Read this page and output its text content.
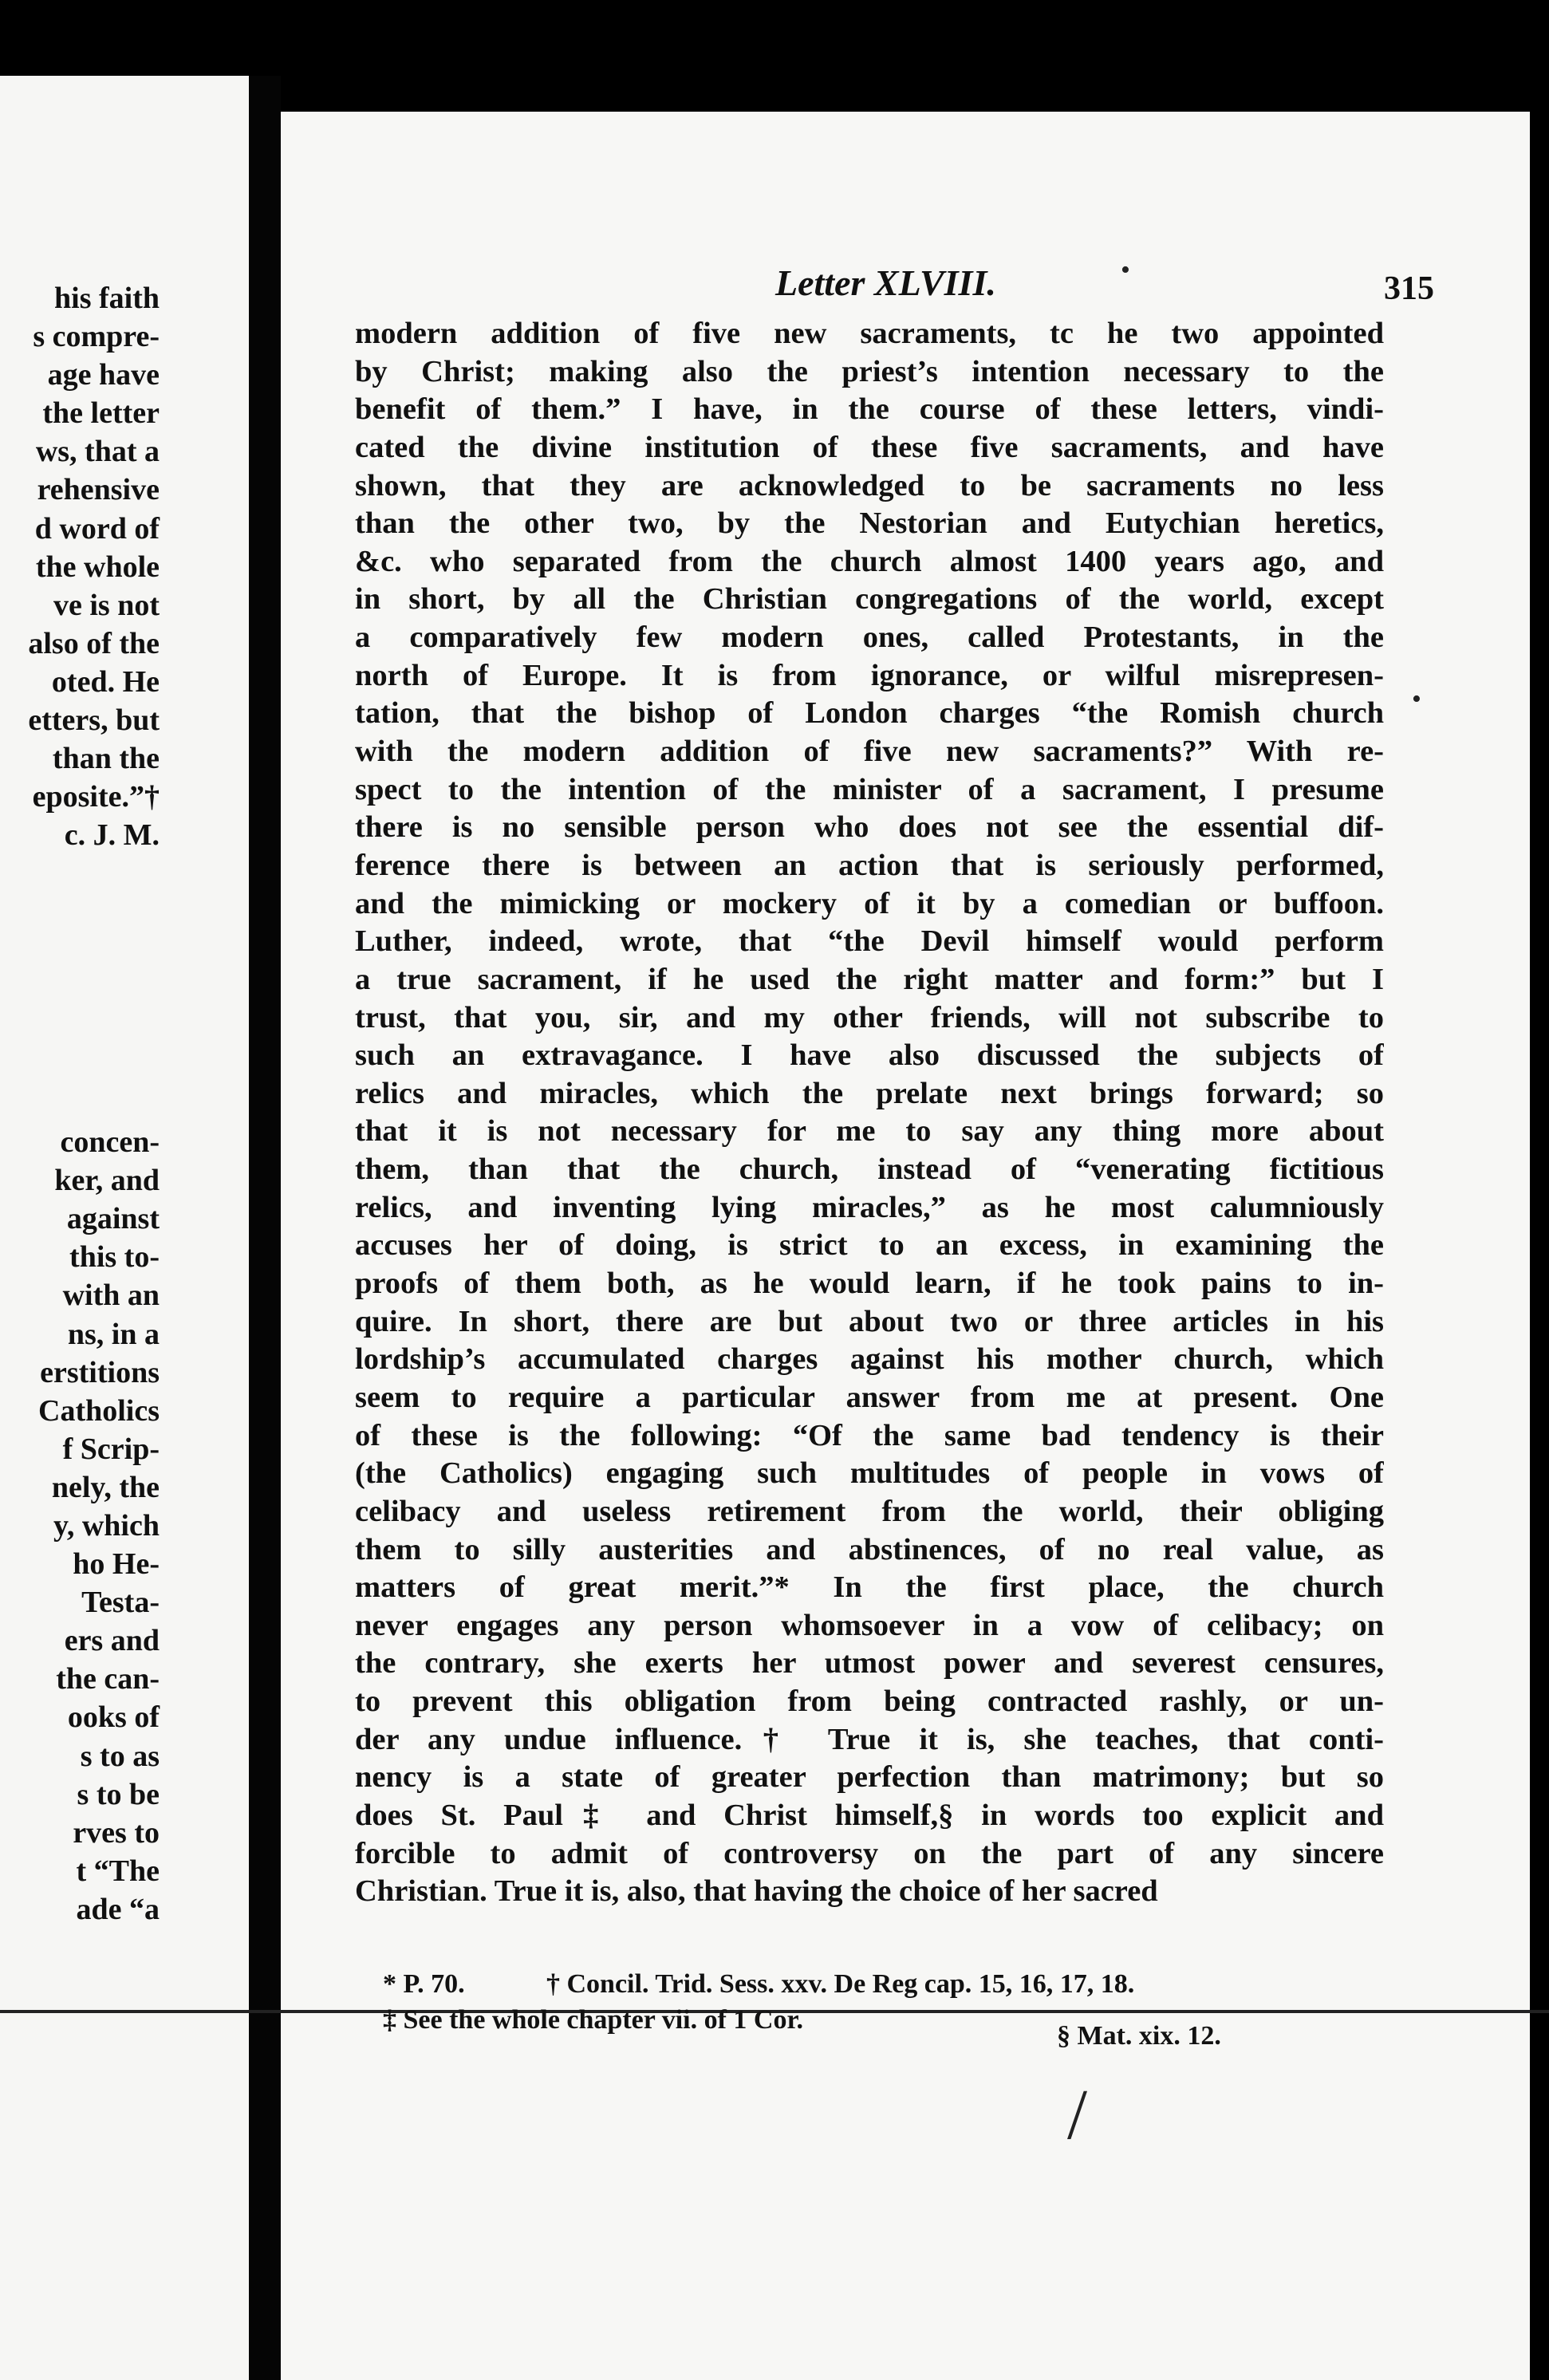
his faith
s compre-
age have
the letter
ws, that a
rehensive
d word of
the whole
ve is not
also of the
oted. He
etters, but
than the
eposite.”†
c. J. M.
concen-
ker, and
against
this to-
with an
ns, in a
erstitions
Catholics
f Scrip-
nely, the
y, which
ho He-
Testa-
ers and
the can-
ooks of
s to as
s to be
rves to
t “The
ade “a
Letter XLVIII.	315
modern addition of five new sacraments, tc he two appointed
by Christ; making also the priest’s intention necessary to the
benefit of them.” I have, in the course of these letters, vindi-
cated the divine institution of these five sacraments, and have
shown, that they are acknowledged to be sacraments no less
than the other two, by the Nestorian and Eutychian heretics,
&c. who separated from the church almost 1400 years ago, and
in short, by all the Christian congregations of the world, except
a comparatively few modern ones, called Protestants, in the
north of Europe. It is from ignorance, or wilful misrepresen-
tation, that the bishop of London charges “the Romish church
with the modern addition of five new sacraments?” With re-
spect to the intention of the minister of a sacrament, I presume
there is no sensible person who does not see the essential dif-
ference there is between an action that is seriously performed,
and the mimicking or mockery of it by a comedian or buffoon.
Luther, indeed, wrote, that “the Devil himself would perform
a true sacrament, if he used the right matter and form:” but I
trust, that you, sir, and my other friends, will not subscribe to
such an extravagance. I have also discussed the subjects of
relics and miracles, which the prelate next brings forward; so
that it is not necessary for me to say any thing more about
them, than that the church, instead of “venerating fictitious
relics, and inventing lying miracles,” as he most calumniously
accuses her of doing, is strict to an excess, in examining the
proofs of them both, as he would learn, if he took pains to in-
quire. In short, there are but about two or three articles in his
lordship’s accumulated charges against his mother church, which
seem to require a particular answer from me at present. One
of these is the following: “Of the same bad tendency is their
(the Catholics) engaging such multitudes of people in vows of
celibacy and useless retirement from the world, their obliging
them to silly austerities and abstinences, of no real value, as
matters of great merit.”* In the first place, the church
never engages any person whomsoever in a vow of celibacy; on
the contrary, she exerts her utmost power and severest censures,
to prevent this obligation from being contracted rashly, or un-
der any undue influence.† True it is, she teaches, that conti-
nency is a state of greater perfection than matrimony; but so
does St. Paul‡ and Christ himself,§ in words too explicit and
forcible to admit of controversy on the part of any sincere
Christian. True it is, also, that having the choice of her sacred
* P. 70.	† Concil. Trid. Sess. xxv. De Reg cap. 15, 16, 17, 18.
‡ See the whole chapter vii. of 1 Cor.
§ Mat. xix. 12.
•
•
/
